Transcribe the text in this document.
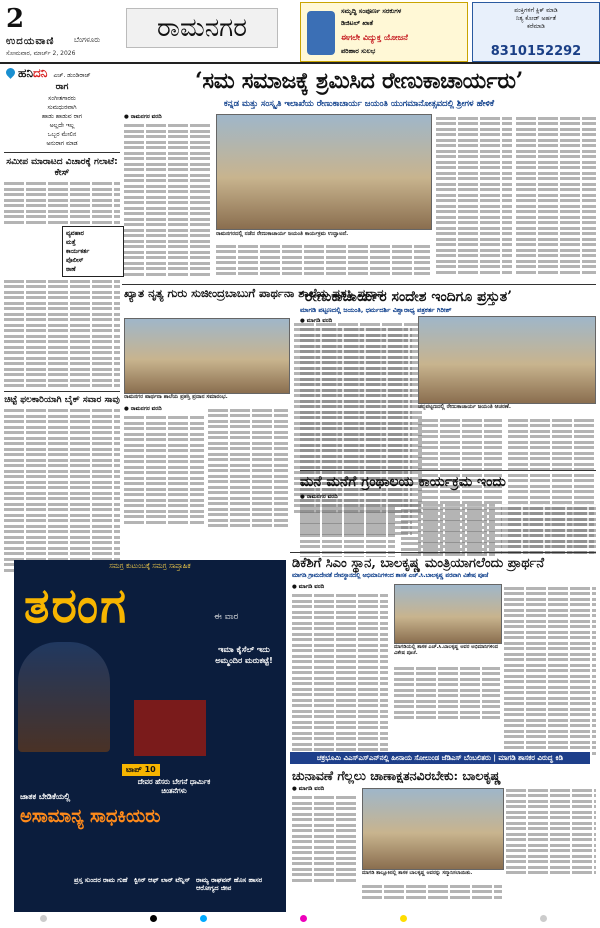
2
ಉದಯವಾಣಿ	ಬೆಂಗಳೂರು
ಸೋಮವಾರ, ಮಾರ್ಚ್ 2, 2026
ರಾಮನಗರ
ಸಮೃದ್ಧಿ ಸಂಪೂರ್ಣ ಸರಕುಗಳ
ಡಿಜಿಟಲ್ ಖಾತೆ
ಈಗಲೇ ವಿದ್ಯುಕ್ತ ಯೋಜನೆ
ಪರಿಹಾರ ಸುಲಭ
ಪಂಕ್ತಿಗಳಿಗೆ ಕ್ಲಿಕ್ ಮಾಡಿ
ನಿತ್ಯ ಕೋಡ್ ಅರ್ಹತೆ
ಕರೆಮಾಡಿ
8310152292
ಹನಿದನಿ ಎಚ್. ಡುಂಡಿರಾಜ್
ರಾಗ
ಸಂಗೀತಗಾರರು
ಸುಮಧುರವಾಗಿ
ಹಾಡು ಹಾಡುವ ರಾಗ
ಅಲ್ಲದೇ ಇಲ್ಲ
ಒಬ್ಬರ ಮೇಲಿನ
ಅನುರಾಗ ಮಾಡ
ಸಮೀಪ ಮಾರಾಟದ ವಿಚಾರಕ್ಕೆ ಗಲಾಟೆ: ಕೇಸ್
ವ್ಯವಹಾರ
ಮತ್ತೆ
ಕಾರ್ಯಕರ್ತ
ಪೊಲೀಸ್
ಠಾಣೆ
ಚಿಟ್ಟೆ ಫಲಕಾರಿಯಾಗಿ ಬೈಕ್ ಸವಾರ ಸಾವು
‘ಸಮ ಸಮಾಜಕ್ಕೆ ಶ್ರಮಿಸಿದ ರೇಣುಕಾಚಾರ್ಯರು’
ಕನ್ನಡ ಮತ್ತು ಸಂಸ್ಕೃತಿ ಇಲಾಖೆಯ ರೇಣುಕಾಚಾರ್ಯ ಜಯಂತಿ ಯುಗಮಾನೋತ್ಸವದಲ್ಲಿ ಶ್ರೀಗಳ ಹೇಳಿಕೆ
● ರಾಮನಗರ ವರದಿ
ರಾಮನಗರದಲ್ಲಿ ನಡೆದ ರೇಣುಕಾಚಾರ್ಯ ಜಯಂತಿ ಕಾರ್ಯಕ್ರಮ ಉದ್ಘಾಟನೆ.
ಖ್ಯಾತ ನೃತ್ಯ ಗುರು ಸುಜೀಂದ್ರಬಾಬುಗೆ ಪಾರ್ಥನಾ ಶಾಲೆಯ ಪ್ರಶಸ್ತಿ ಪ್ರದಾನ
ರಾಮನಗರ ಪಾರ್ಥನಾ ಶಾಲೆಯ ಪ್ರಶಸ್ತಿ ಪ್ರದಾನ ಸಮಾರಂಭ.
● ರಾಮನಗರ ವರದಿ
‘ರೇಣುಕಾಚಾರ್ಯರ ಸಂದೇಶ ಇಂದಿಗೂ ಪ್ರಸ್ತುತ’
ಮಾಗಡಿ ಪಟ್ಟಣದಲ್ಲಿ ಜಯಂತಿ, ಧರ್ಮದರ್ಶಿ ವಿಶ್ವಾರಾಧ್ಯ ಪತ್ರಕರ್ತ ಗಿರೀಶ್
ಚನ್ನಪಟ್ಟಣದಲ್ಲಿ ರೇಣುಕಾಚಾರ್ಯ ಜಯಂತಿ ಆಚರಣೆ.
● ಮಾಗಡಿ ವರದಿ
ಮನೆ ಮನೆಗೆ ಗ್ರಂಥಾಲಯ ಕಾರ್ಯಕ್ರಮ ಇಂದು
● ರಾಮನಗರ ವರದಿ
ಡಿಕೆಶಿಗೆ ಸಿಎಂ ಸ್ಥಾನ, ಬಾಲಕೃಷ್ಣ ಮಂತ್ರಿಯಾಗಲೆಂದು ಪ್ರಾರ್ಥನೆ
ಮಾಗಡಿ ಗ್ರಾಮದೇವತೆ ದೇವಸ್ಥಾನದಲ್ಲಿ ಅಭಿಮಾನಿಗಳಿಂದ ಶಾಸಕ ಎಚ್.ಸಿ.ಬಾಲಕೃಷ್ಣ ಪರವಾಗಿ ವಿಶೇಷ ಪೂಜೆ
● ಮಾಗಡಿ ವರದಿ
ಮಾಗಡಿಯಲ್ಲಿ ಶಾಸಕ ಎಚ್.ಸಿ.ಬಾಲಕೃಷ್ಣ ಅವರ ಅಭಿಮಾನಿಗಳಿಂದ ವಿಶೇಷ ಪೂಜೆ.
ಚಕ್ರಭೂಮಿ ವಿಎಸ್‌ಎಸ್‌ಎನ್‌ನಲ್ಲಿ ಹೀನಾಯ ಸೋಲುಂಡ ಜೆಡಿಎಸ್ ಬೆಂಬಲಿತರು | ಮಾಗಡಿ ಶಾಸಕರ ವಿರುದ್ಧ ಕಿಡಿ
ಚುನಾವಣೆ ಗೆಲ್ಲಲು ಚಾಣಾಕ್ಷತನವಿರಬೇಕು: ಬಾಲಕೃಷ್ಣ
● ಮಾಗಡಿ ವರದಿ
ಮಾಗಡಿ ತಾಲ್ಲೂಕಿನಲ್ಲಿ ಶಾಸಕ ಬಾಲಕೃಷ್ಣ ಅವರನ್ನು ಸನ್ಮಾನಿಸಲಾಯಿತು.
ಸಮಗ್ರ ಕುಟುಂಬಕ್ಕೆ ಸಮಗ್ರ ಸಾಪ್ತಾಹಿಕ
ತರಂಗ	ಈ ವಾರ
ಇಮಾ ಕೈಸೆಲ್ ಇದು ಅಮ್ಮಂದಿರ ಮರುಕಟ್ಟೆ!
ಟಾಪ್ 10
ದೇವರ ಹೆಸರು ಬೇಗನೆ ಧಾರ್ಮಿಕ ಚಿಂತನೆಗಳು
ಜಾತಕ ಬೇಡಿಕೆಯಲ್ಲಿ
ಅಸಾಮಾನ್ಯ ಸಾಧಕಿಯರು
ಪ್ರಸ್ತ ಸುಂದರ ರಾಮ ಗುಹೆ ಕ್ವೀನ್ ಆಫ್ ಲಾನ್ ಟೆನ್ನಿಸ್ ರಾಮ್ಯ ರಾಘವನ್ ಹೊಸ ಹಾಸರ ಆರೋಗ್ಯದ ಜೀವ
